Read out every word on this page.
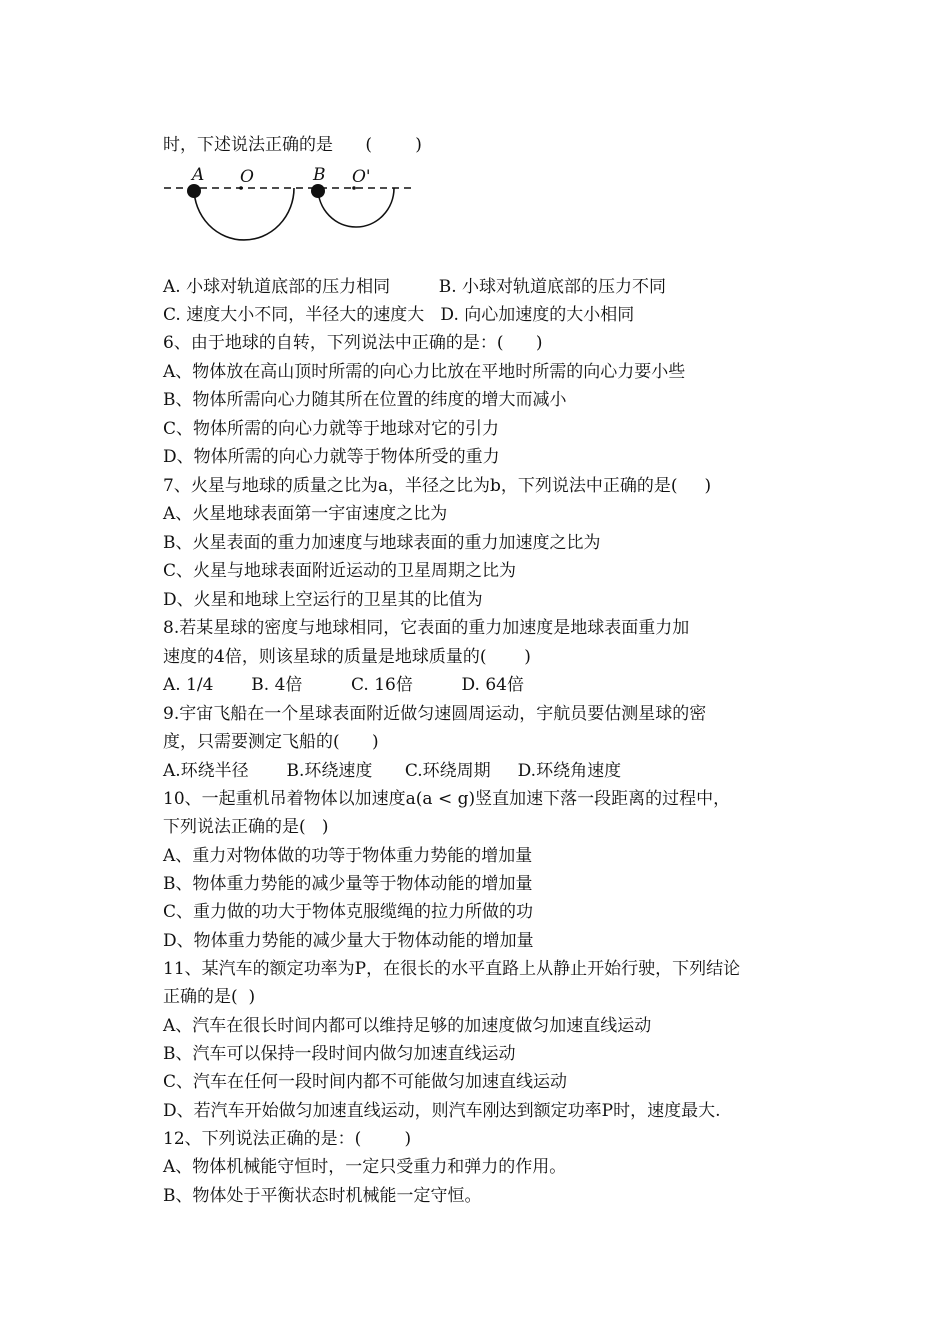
时，下述说法正确的是      (        )
A O	B O'
A. 小球对轨道底部的压力相同         B. 小球对轨道底部的压力不同
C. 速度大小不同，半径大的速度大   D. 向心加速度的大小相同
6、由于地球的自转，下列说法中正确的是：(      )
A、物体放在高山顶时所需的向心力比放在平地时所需的向心力要小些
B、物体所需向心力随其所在位置的纬度的增大而减小
C、物体所需的向心力就等于地球对它的引力
D、物体所需的向心力就等于物体所受的重力
7、火星与地球的质量之比为a，半径之比为b，下列说法中正确的是(     )
A、火星地球表面第一宇宙速度之比为
B、火星表面的重力加速度与地球表面的重力加速度之比为
C、火星与地球表面附近运动的卫星周期之比为
D、火星和地球上空运行的卫星其的比值为
8.若某星球的密度与地球相同，它表面的重力加速度是地球表面重力加
速度的4倍，则该星球的质量是地球质量的(       )
A. 1/4       B. 4倍         C. 16倍         D. 64倍
9.宇宙飞船在一个星球表面附近做匀速圆周运动，宇航员要估测星球的密
度，只需要测定飞船的(      )
A.环绕半径       B.环绕速度      C.环绕周期     D.环绕角速度
10、一起重机吊着物体以加速度a(a < g)竖直加速下落一段距离的过程中，
下列说法正确的是(   )
A、重力对物体做的功等于物体重力势能的增加量
B、物体重力势能的减少量等于物体动能的增加量
C、重力做的功大于物体克服缆绳的拉力所做的功
D、物体重力势能的减少量大于物体动能的增加量
11、某汽车的额定功率为P，在很长的水平直路上从静止开始行驶，下列结论
正确的是(  )
A、汽车在很长时间内都可以维持足够的加速度做匀加速直线运动
B、汽车可以保持一段时间内做匀加速直线运动
C、汽车在任何一段时间内都不可能做匀加速直线运动
D、若汽车开始做匀加速直线运动，则汽车刚达到额定功率P时，速度最大.
12、下列说法正确的是：(        )
A、物体机械能守恒时，一定只受重力和弹力的作用。
B、物体处于平衡状态时机械能一定守恒。
